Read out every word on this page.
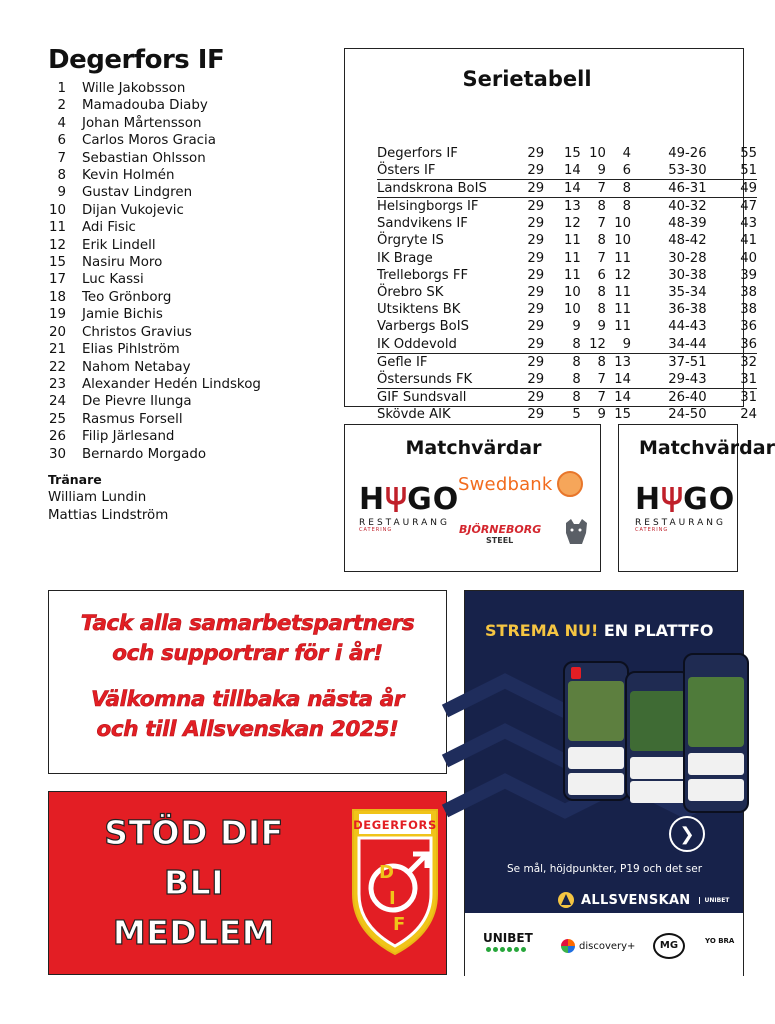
Degerfors IF
1	Wille Jakobsson
2	Mamadouba Diaby
4	Johan Mårtensson
6	Carlos Moros Gracia
7	Sebastian Ohlsson
8	Kevin Holmén
9	Gustav Lindgren
10	Dijan Vukojevic
11	Adi Fisic
12	Erik Lindell
15	Nasiru Moro
17	Luc Kassi
18	Teo Grönborg
19	Jamie Bichis
20	Christos Gravius
21	Elias Pihlström
22	Nahom Netabay
23	Alexander Hedén Lindskog
24	De Pievre Ilunga
25	Rasmus Forsell
26	Filip Järlesand
30	Bernardo Morgado
Tränare
William Lundin
Mattias Lindström
Serietabell
Degerfors IF	29	15	10	4	49-26	55
Östers IF	29	14	9	6	53-30	51
Landskrona BoIS	29	14	7	8	46-31	49
Helsingborgs IF	29	13	8	8	40-32	47
Sandvikens IF	29	12	7	10	48-39	43
Örgryte IS	29	11	8	10	48-42	41
IK Brage	29	11	7	11	30-28	40
Trelleborgs FF	29	11	6	12	30-38	39
Örebro SK	29	10	8	11	35-34	38
Utsiktens BK	29	10	8	11	36-38	38
Varbergs BoIS	29	9	9	11	44-43	36
IK Oddevold	29	8	12	9	34-44	36
Gefle IF	29	8	8	13	37-51	32
Östersunds FK	29	8	7	14	29-43	31
GIF Sundsvall	29	8	7	14	26-40	31
Skövde AIK	29	5	9	15	24-50	24
Matchvärdar
H GO
RESTAURANG
CATERING
Swedbank
BJÖRNEBORG
STEEL
Matchvärdar
H GO
RESTAURANG
CATERING
Tack alla samarbetspartners
och supportrar för i år!
Välkomna tillbaka nästa år
och till Allsvenskan 2025!
STÖD DIF
BLI
MEDLEM
DEGERFORS
D
I
F
STREMA NU! EN PLATTFO
❯
Se mål, höjdpunkter, P19 och det ser
ALLSVENSKAN	UNIBET
UNIBET
discovery+	MG	YO BRA
